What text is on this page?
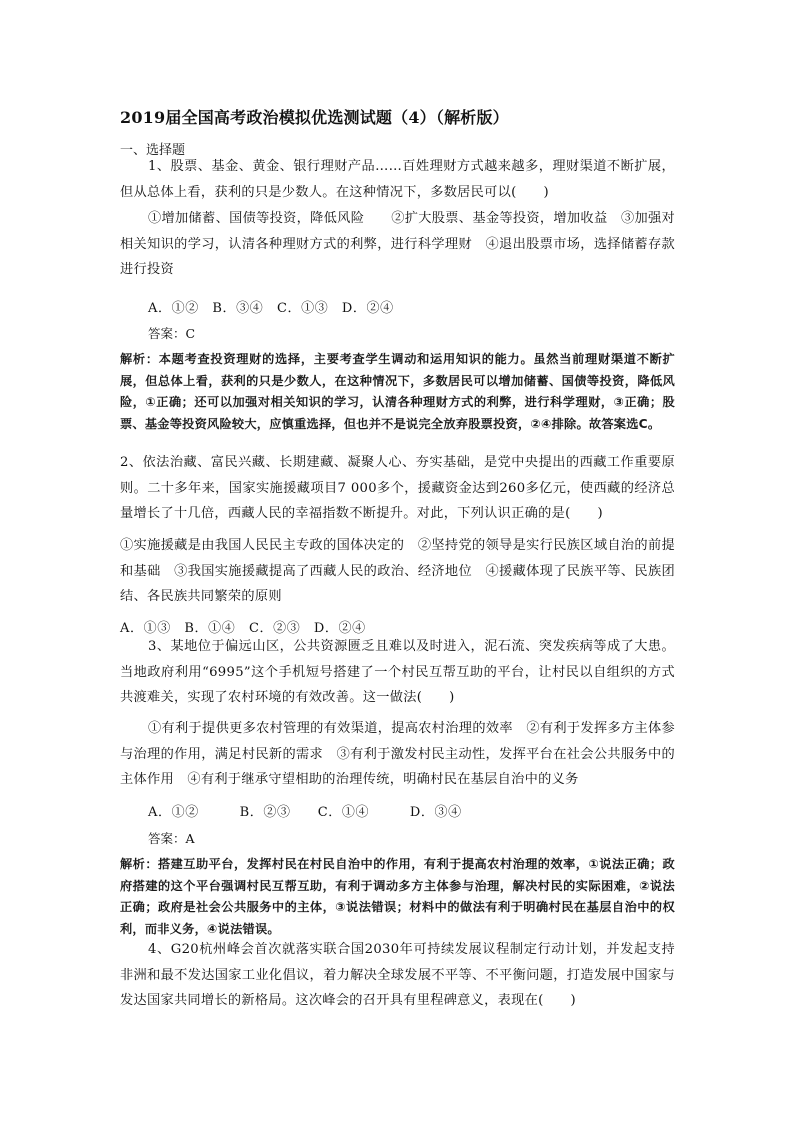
2019届全国高考政治模拟优选测试题（4）（解析版）
一、选择题
1、股票、基金、黄金、银行理财产品……百姓理财方式越来越多，理财渠道不断扩展，但从总体上看，获利的只是少数人。在这种情况下，多数居民可以(　　)
①增加储蓄、国债等投资，降低风险　　②扩大股票、基金等投资，增加收益　③加强对相关知识的学习，认清各种理财方式的利弊，进行科学理财　④退出股票市场，选择储蓄存款进行投资
A．①②　B．③④　C．①③　D．②④
答案：C
解析：本题考查投资理财的选择，主要考查学生调动和运用知识的能力。虽然当前理财渠道不断扩展，但总体上看，获利的只是少数人，在这种情况下，多数居民可以增加储蓄、国债等投资，降低风险，①正确；还可以加强对相关知识的学习，认清各种理财方式的利弊，进行科学理财，③正确；股票、基金等投资风险较大，应慎重选择，但也并不是说完全放弃股票投资，②④排除。故答案选C。
2、依法治藏、富民兴藏、长期建藏、凝聚人心、夯实基础，是党中央提出的西藏工作重要原则。二十多年来，国家实施援藏项目7 000多个，援藏资金达到260多亿元，使西藏的经济总量增长了十几倍，西藏人民的幸福指数不断提升。对此，下列认识正确的是(　　)
①实施援藏是由我国人民民主专政的国体决定的　②坚持党的领导是实行民族区域自治的前提和基础　③我国实施援藏提高了西藏人民的政治、经济地位　④援藏体现了民族平等、民族团结、各民族共同繁荣的原则
A．①③　B．①④　C．②③　D．②④
3、某地位于偏远山区，公共资源匮乏且难以及时进入，泥石流、突发疾病等成了大患。当地政府利用“6995”这个手机短号搭建了一个村民互帮互助的平台，让村民以自组织的方式共渡难关，实现了农村环境的有效改善。这一做法(　　)
①有利于提供更多农村管理的有效渠道，提高农村治理的效率　②有利于发挥多方主体参与治理的作用，满足村民新的需求　③有利于激发村民主动性，发挥平台在社会公共服务中的主体作用　④有利于继承守望相助的治理传统，明确村民在基层自治中的义务
A．①②　　　B．②③　　C．①④　　　D．③④
答案：A
解析：搭建互助平台，发挥村民在村民自治中的作用，有利于提高农村治理的效率，①说法正确；政府搭建的这个平台强调村民互帮互助，有利于调动多方主体参与治理，解决村民的实际困难，②说法正确；政府是社会公共服务中的主体，③说法错误；材料中的做法有利于明确村民在基层自治中的权利，而非义务，④说法错误。
4、G20杭州峰会首次就落实联合国2030年可持续发展议程制定行动计划，并发起支持非洲和最不发达国家工业化倡议，着力解决全球发展不平等、不平衡问题，打造发展中国家与发达国家共同增长的新格局。这次峰会的召开具有里程碑意义，表现在(　　)
